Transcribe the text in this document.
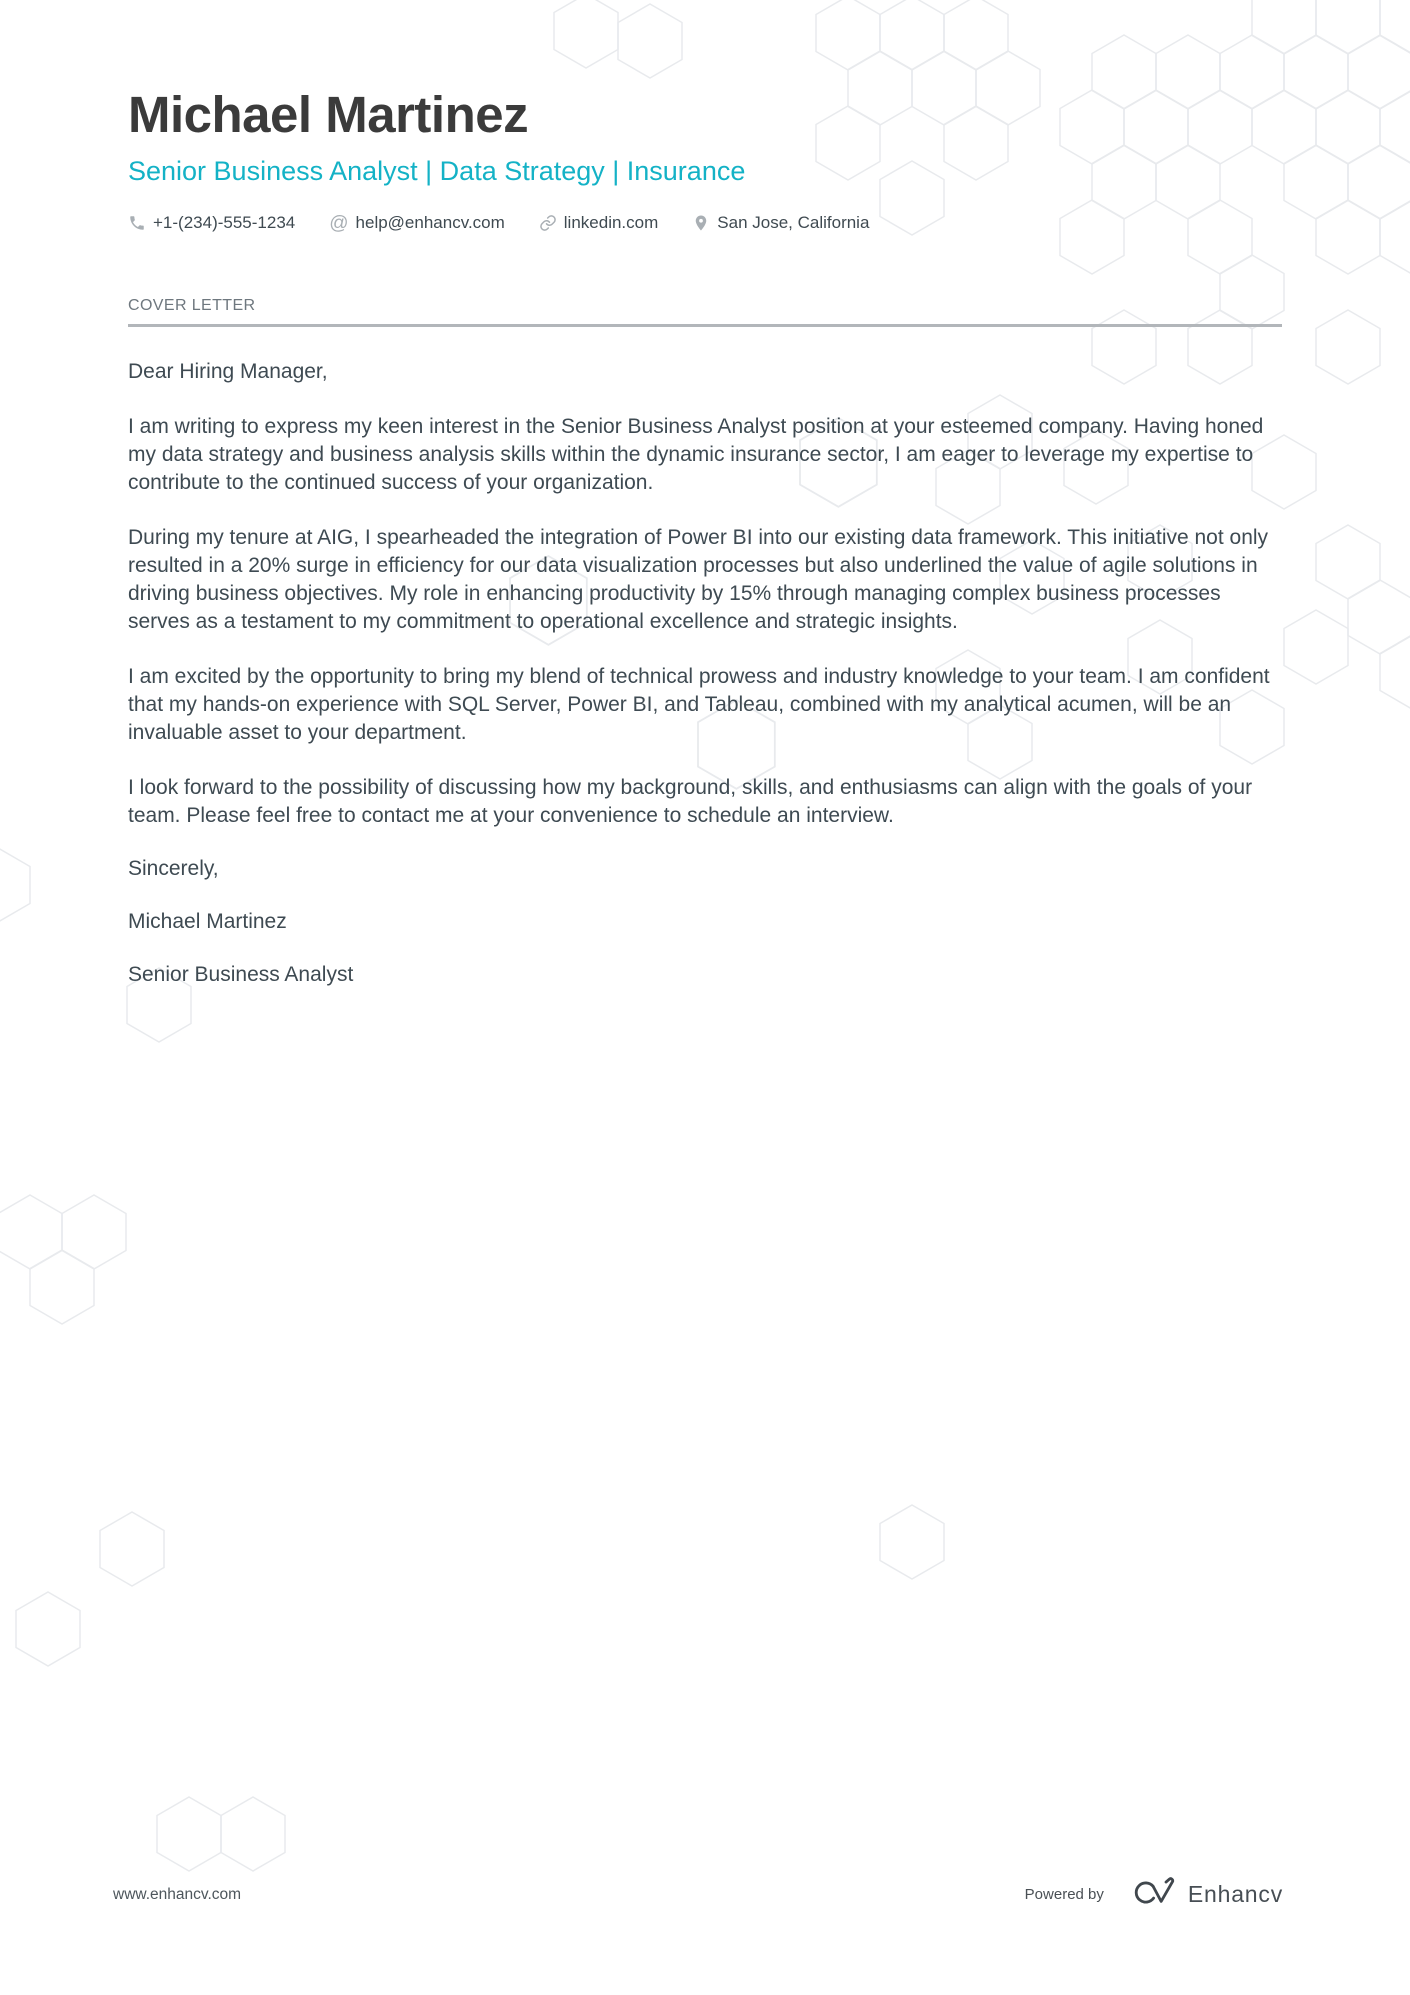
Michael Martinez
Senior Business Analyst | Data Strategy | Insurance
+1-(234)-555-1234 @ help@enhancv.com	linkedin.com	San Jose, California
COVER LETTER

Dear Hiring Manager,

I am writing to express my keen interest in the Senior Business Analyst position at your esteemed company. Having honed my data strategy and business analysis skills within the dynamic insurance sector, I am eager to leverage my expertise to contribute to the continued success of your organization.

During my tenure at AIG, I spearheaded the integration of Power BI into our existing data framework. This initiative not only resulted in a 20% surge in efficiency for our data visualization processes but also underlined the value of agile solutions in driving business objectives. My role in enhancing productivity by 15% through managing complex business processes serves as a testament to my commitment to operational excellence and strategic insights.

I am excited by the opportunity to bring my blend of technical prowess and industry knowledge to your team. I am confident that my hands-on experience with SQL Server, Power BI, and Tableau, combined with my analytical acumen, will be an invaluable asset to your department.

I look forward to the possibility of discussing how my background, skills, and enthusiasms can align with the goals of your team. Please feel free to contact me at your convenience to schedule an interview.

Sincerely,

Michael Martinez

Senior Business Analyst

www.enhancv.com	Powered by	Enhancv
